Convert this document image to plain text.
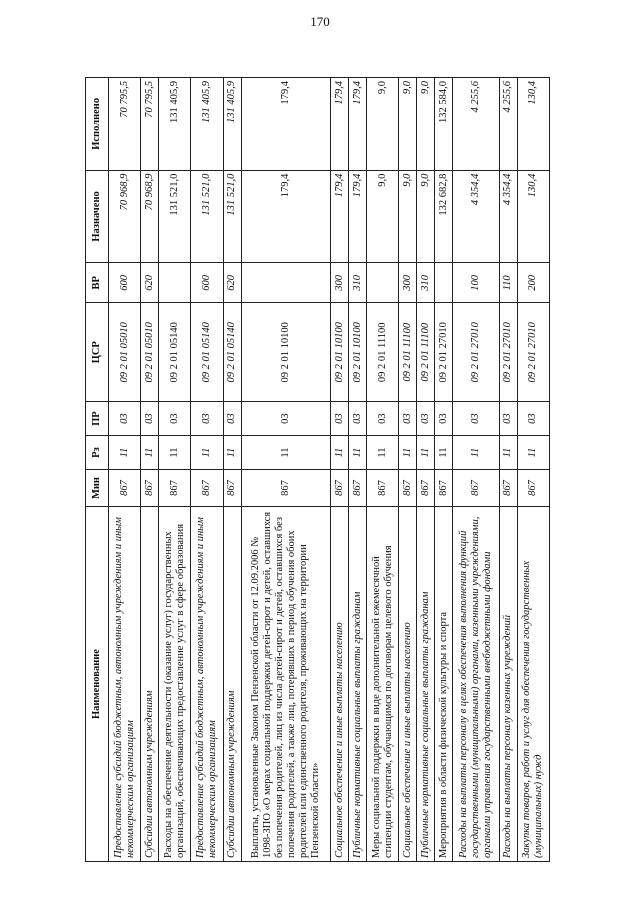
170
Наименование	Мин	Рз	ПР	ЦСР	ВР	Назначено	Исполнено
Предоставление субсидий бюджетным, автономным учреждениям и иным некоммерческим организациям	867	11	03	09 2 01 05010	600	70 968,9	70 795,5
Субсидии автономным учреждениям	867	11	03	09 2 01 05010	620	70 968,9	70 795,5
Расходы на обеспечение деятельности (оказание услуг) государственных организаций, обеспечивающих предоставление услуг в сфере образования	867	11	03	09 2 01 05140		131 521,0	131 405,9
Предоставление субсидий бюджетным, автономным учреждениям и иным некоммерческим организациям	867	11	03	09 2 01 05140	600	131 521,0	131 405,9
Субсидии автономным учреждениям	867	11	03	09 2 01 05140	620	131 521,0	131 405,9
Выплаты, установленные Законом Пензенской области от 12.09.2006 № 1098-ЗПО «О мерах социальной поддержки детей-сирот и детей, оставшихся без попечения родителей, лиц из числа детей-сирот и детей, оставшихся без попечения родителей, а также лиц, потерявших в период обучения обоих родителей или единственного родителя, проживающих на территории Пензенской области»	867	11	03	09 2 01 10100		179,4	179,4
Социальное обеспечение и иные выплаты населению	867	11	03	09 2 01 10100	300	179,4	179,4
Публичные нормативные социальные выплаты гражданам	867	11	03	09 2 01 10100	310	179,4	179,4
Меры социальной поддержки в виде дополнительной ежемесячной стипендии студентам, обучающимся по договорам целевого обучения	867	11	03	09 2 01 11100		9,0	9,0
Социальное обеспечение и иные выплаты населению	867	11	03	09 2 01 11100	300	9,0	9,0
Публичные нормативные социальные выплаты гражданам	867	11	03	09 2 01 11100	310	9,0	9,0
Мероприятия в области физической культуры и спорта	867	11	03	09 2 01 27010		132 682,8	132 584,0
Расходы на выплаты персоналу в целях обеспечения выполнения функций государственными (муниципальными) органами, казенными учреждениями, органами управления государственными внебюджетными фондами	867	11	03	09 2 01 27010	100	4 354,4	4 255,6
Расходы на выплаты персоналу казенных учреждений	867	11	03	09 2 01 27010	110	4 354,4	4 255,6
Закупка товаров, работ и услуг для обеспечения государственных (муниципальных) нужд	867	11	03	09 2 01 27010	200	130,4	130,4
